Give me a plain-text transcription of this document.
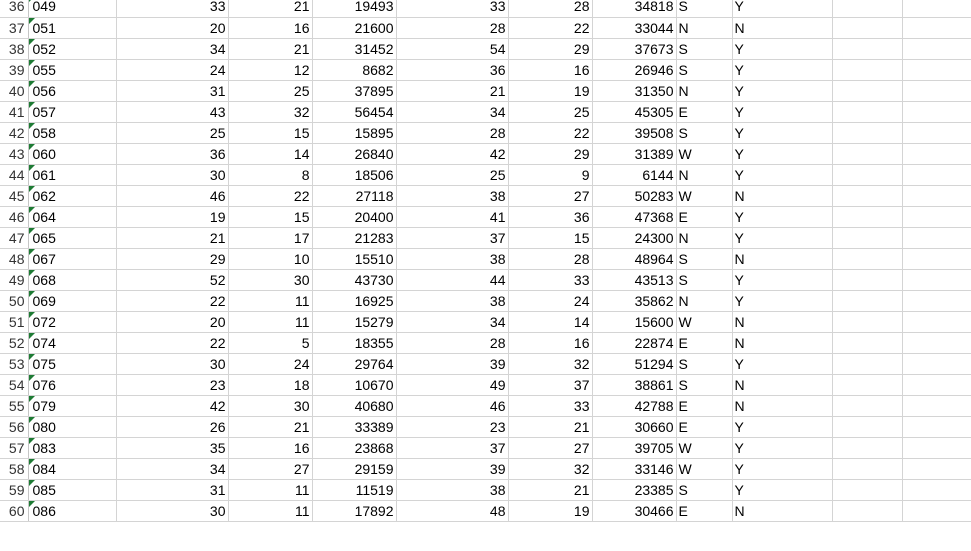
36	049	33	21	19493	33	28	34818	S	Y		
37	051	20	16	21600	28	22	33044	N	N		
38	052	34	21	31452	54	29	37673	S	Y		
39	055	24	12	8682	36	16	26946	S	Y		
40	056	31	25	37895	21	19	31350	N	Y		
41	057	43	32	56454	34	25	45305	E	Y		
42	058	25	15	15895	28	22	39508	S	Y		
43	060	36	14	26840	42	29	31389	W	Y		
44	061	30	8	18506	25	9	6144	N	Y		
45	062	46	22	27118	38	27	50283	W	N		
46	064	19	15	20400	41	36	47368	E	Y		
47	065	21	17	21283	37	15	24300	N	Y		
48	067	29	10	15510	38	28	48964	S	N		
49	068	52	30	43730	44	33	43513	S	Y		
50	069	22	11	16925	38	24	35862	N	Y		
51	072	20	11	15279	34	14	15600	W	N		
52	074	22	5	18355	28	16	22874	E	N		
53	075	30	24	29764	39	32	51294	S	Y		
54	076	23	18	10670	49	37	38861	S	N		
55	079	42	30	40680	46	33	42788	E	N		
56	080	26	21	33389	23	21	30660	E	Y		
57	083	35	16	23868	37	27	39705	W	Y		
58	084	34	27	29159	39	32	33146	W	Y		
59	085	31	11	11519	38	21	23385	S	Y		
60	086	30	11	17892	48	19	30466	E	N		
